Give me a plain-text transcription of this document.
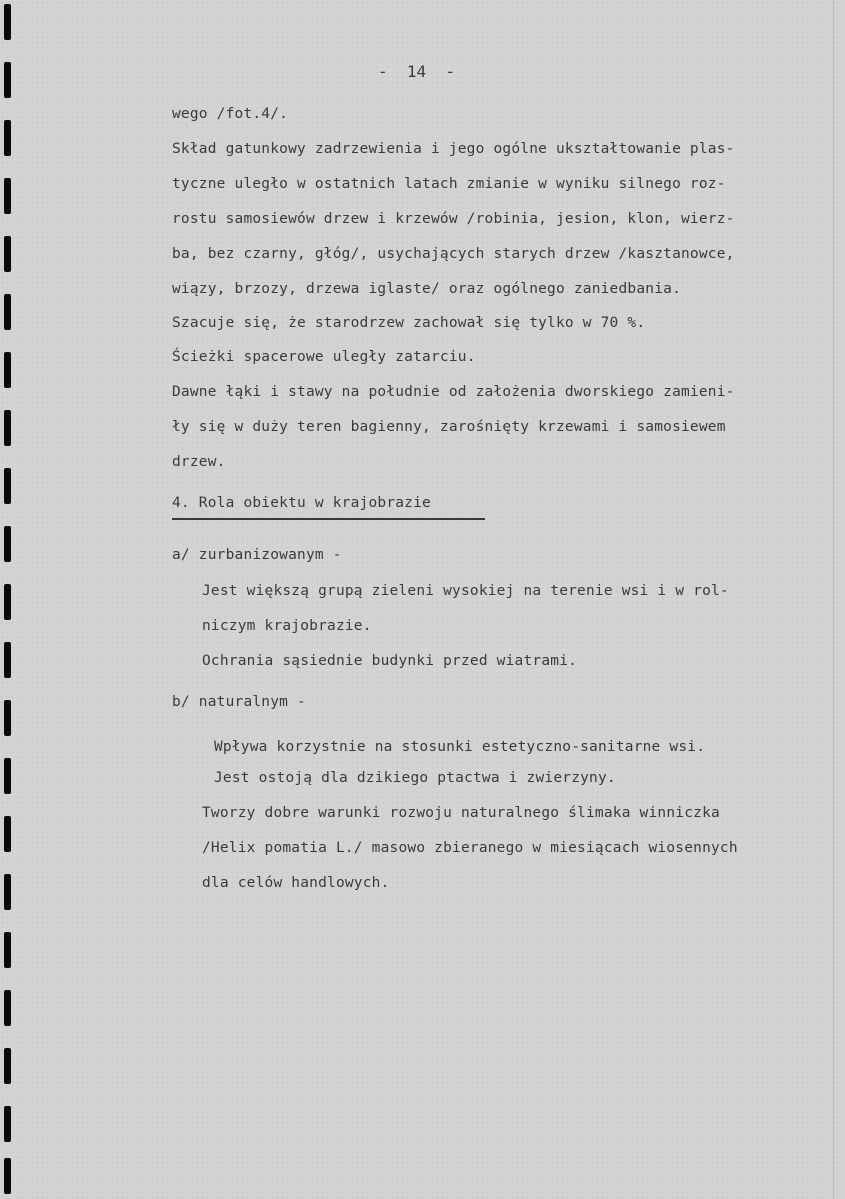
-  14  -
wego /fot.4/.
Skład gatunkowy zadrzewienia i jego ogólne ukształtowanie plas-
tyczne uległo w ostatnich latach zmianie w wyniku silnego roz-
rostu samosiewów drzew i krzewów /robinia, jesion, klon, wierz-
ba, bez czarny, głóg/, usychających starych drzew /kasztanowce,
wiązy, brzozy, drzewa iglaste/ oraz ogólnego zaniedbania.
Szacuje się, że starodrzew zachował się tylko w 70 %.
Ścieżki spacerowe uległy zatarciu.
Dawne łąki i stawy na południe od założenia dworskiego zamieni-
ły się w duży teren bagienny, zarośnięty krzewami i samosiewem
drzew.
4. Rola obiektu w krajobrazie
a/ zurbanizowanym -
Jest większą grupą zieleni wysokiej na terenie wsi i w rol-
niczym krajobrazie.
Ochrania sąsiednie budynki przed wiatrami.
b/ naturalnym -
Wpływa korzystnie na stosunki estetyczno-sanitarne wsi.
Jest ostoją dla dzikiego ptactwa i zwierzyny.
Tworzy dobre warunki rozwoju naturalnego ślimaka winniczka
/Helix pomatia L./ masowo zbieranego w miesiącach wiosennych
dla celów handlowych.
